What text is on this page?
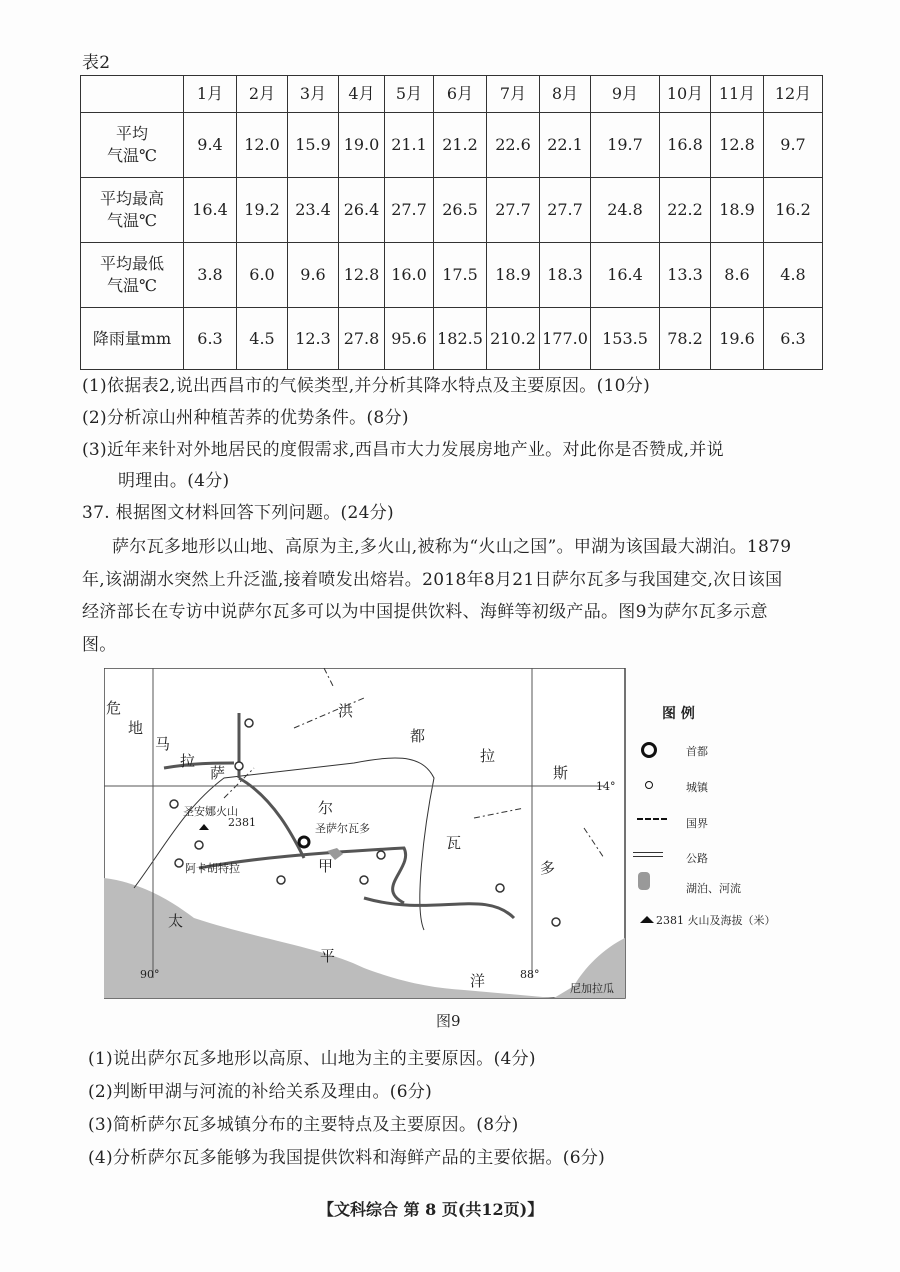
表2
	1月	2月	3月	4月	5月	6月	7月	8月	9月	10月	11月	12月

平均
气温℃	9.4	12.0	15.9	19.0	21.1	21.2	22.6	22.1	19.7	16.8	12.8	9.7

平均最高
气温℃	16.4	19.2	23.4	26.4	27.7	26.5	27.7	27.7	24.8	22.2	18.9	16.2

平均最低
气温℃	3.8	6.0	9.6	12.8	16.0	17.5	18.9	18.3	16.4	13.3	8.6	4.8

降雨量mm	6.3	4.5	12.3	27.8	95.6	182.5	210.2	177.0	153.5	78.2	19.6	6.3
(1)依据表2,说出西昌市的气候类型,并分析其降水特点及主要原因。(10分)
(2)分析凉山州种植苦荞的优势条件。(8分)
(3)近年来针对外地居民的度假需求,西昌市大力发展房地产业。对此你是否赞成,并说
明理由。(4分)
37. 根据图文材料回答下列问题。(24分)
萨尔瓦多地形以山地、高原为主,多火山,被称为“火山之国”。甲湖为该国最大湖泊。1879
年,该湖湖水突然上升泛滥,接着喷发出熔岩。2018年8月21日萨尔瓦多与我国建交,次日该国
经济部长在专访中说萨尔瓦多可以为中国提供饮料、海鲜等初级产品。图9为萨尔瓦多示意
图。
危
地
马
拉
洪
都
拉
斯
萨
尔
瓦
多
太
平
洋
圣安娜火山
2381	圣萨尔瓦多
阿卡胡特拉	甲
尼加拉瓜
14°
90°	88°
图 例
首都
城镇
国界
公路
湖泊、河流
2381 火山及海拔（米）
图9
(1)说出萨尔瓦多地形以高原、山地为主的主要原因。(4分)
(2)判断甲湖与河流的补给关系及理由。(6分)
(3)简析萨尔瓦多城镇分布的主要特点及主要原因。(8分)
(4)分析萨尔瓦多能够为我国提供饮料和海鲜产品的主要依据。(6分)
【文科综合 第 8 页(共12页)】
